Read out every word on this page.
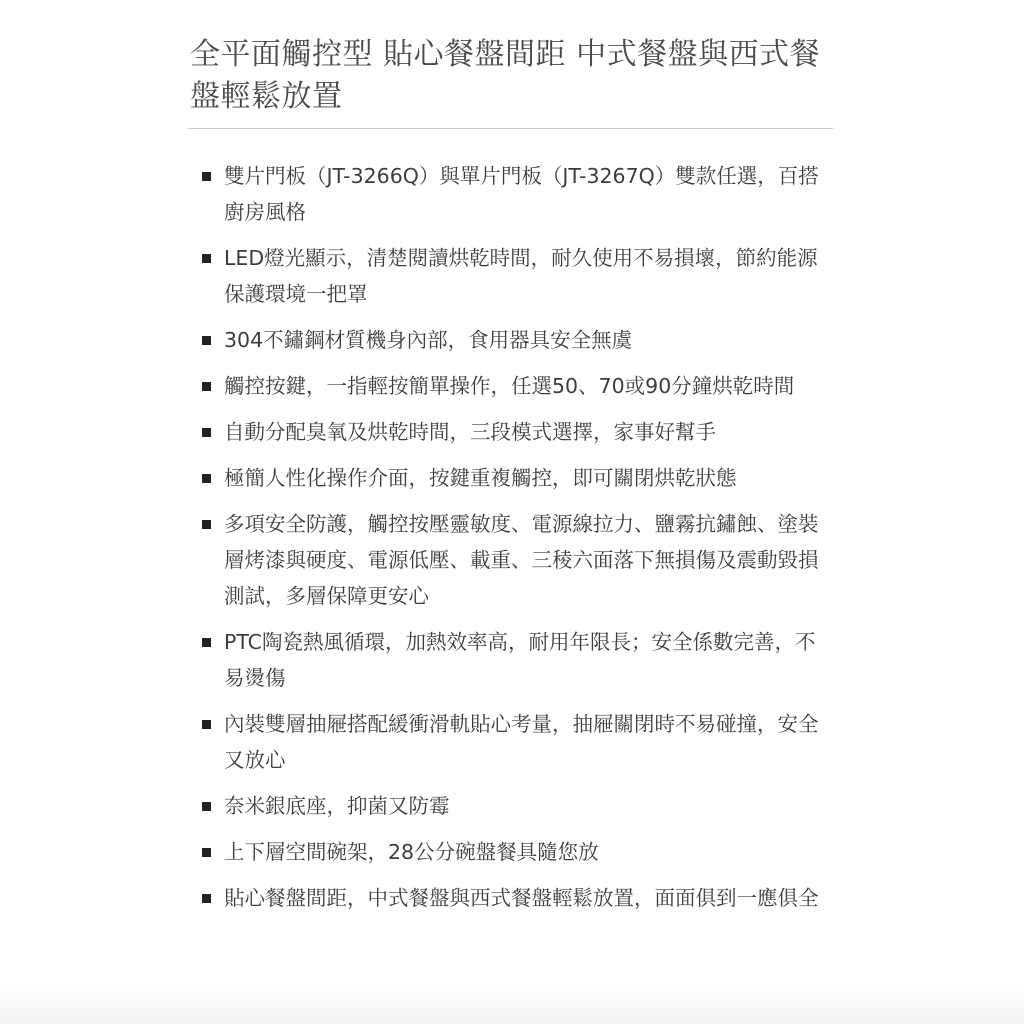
全平面觸控型 貼心餐盤間距 中式餐盤與西式餐盤輕鬆放置
雙片門板（JT-3266Q）與單片門板（JT-3267Q）雙款任選，百搭廚房風格
LED燈光顯示，清楚閱讀烘乾時間，耐久使用不易損壞，節約能源保護環境一把罩
304不鏽鋼材質機身內部，食用器具安全無虞
觸控按鍵，一指輕按簡單操作，任選50、70或90分鐘烘乾時間
自動分配臭氧及烘乾時間，三段模式選擇，家事好幫手
極簡人性化操作介面，按鍵重複觸控，即可關閉烘乾狀態
多項安全防護，觸控按壓靈敏度、電源線拉力、鹽霧抗鏽蝕、塗裝層烤漆與硬度、電源低壓、載重、三稜六面落下無損傷及震動毀損測試，多層保障更安心
PTC陶瓷熱風循環，加熱效率高，耐用年限長；安全係數完善，不易燙傷
內裝雙層抽屜搭配緩衝滑軌貼心考量，抽屜關閉時不易碰撞，安全又放心
奈米銀底座，抑菌又防霉
上下層空間碗架，28公分碗盤餐具隨您放
貼心餐盤間距，中式餐盤與西式餐盤輕鬆放置，面面俱到一應俱全
